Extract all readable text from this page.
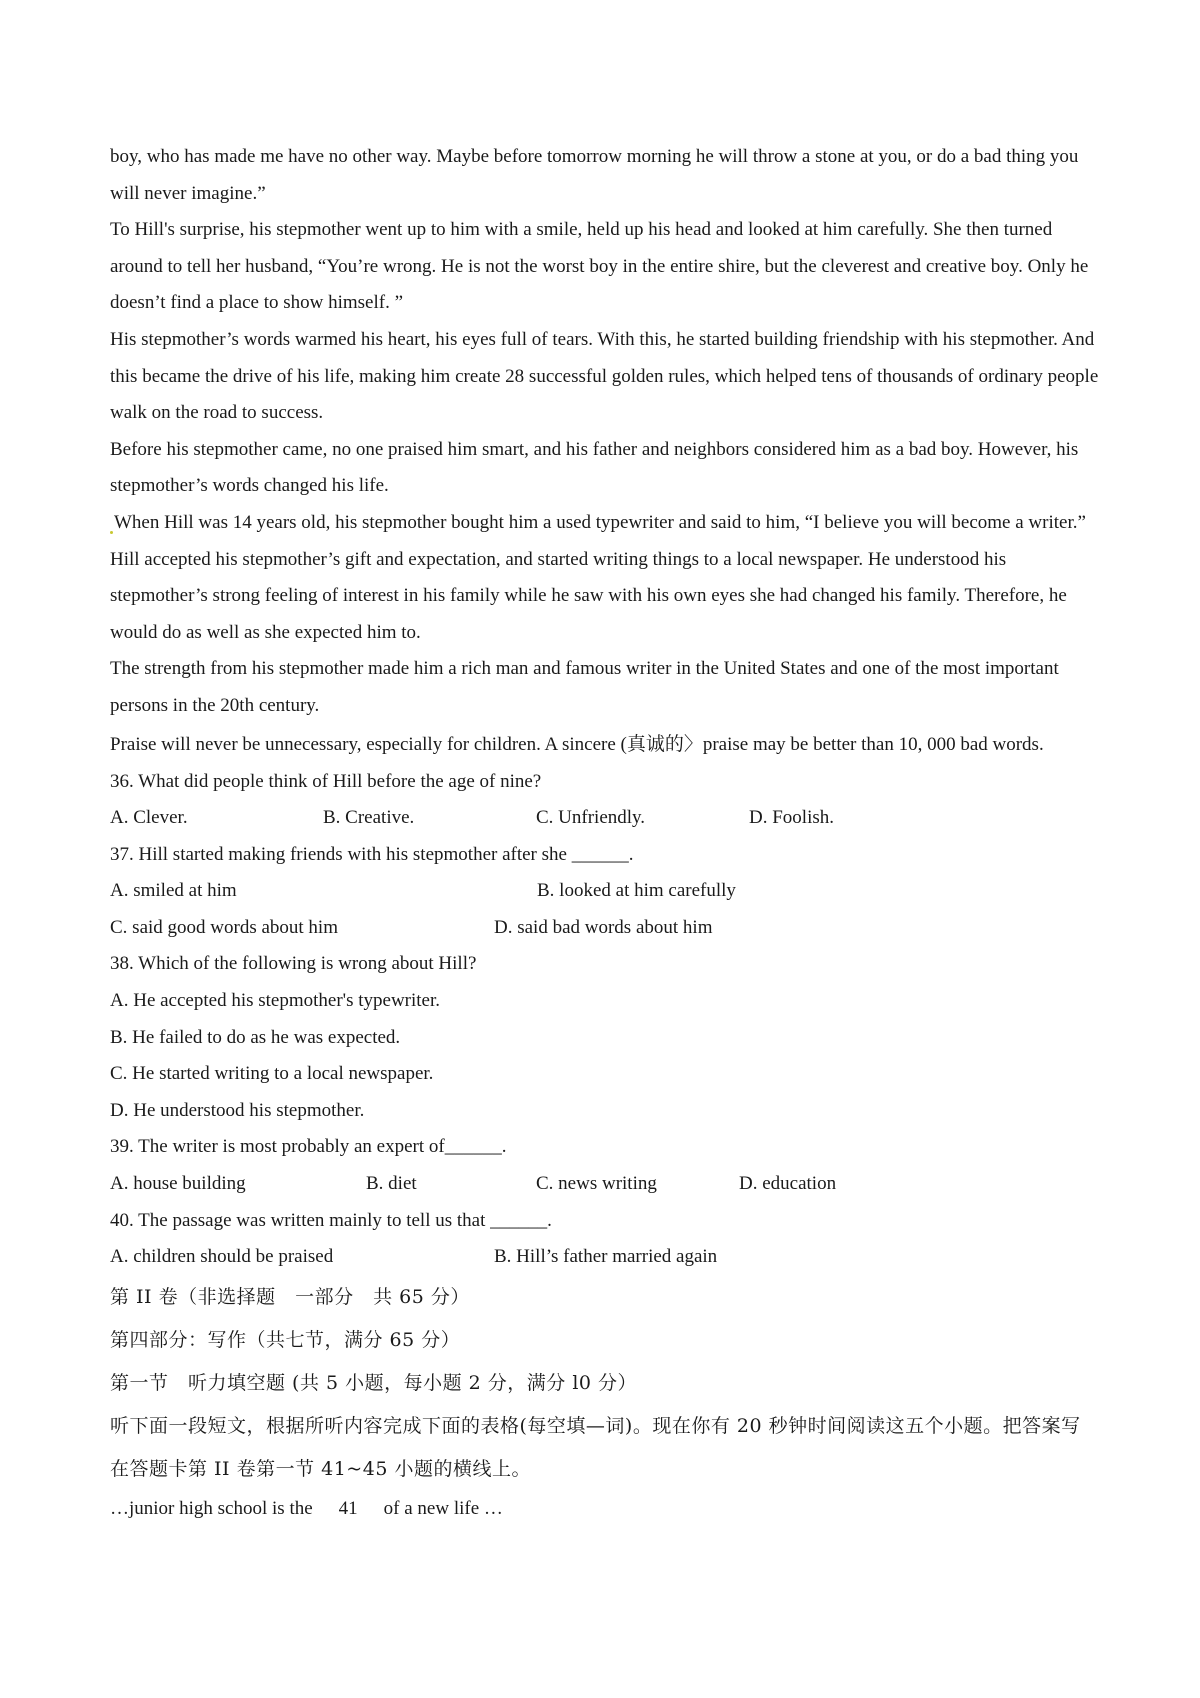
boy, who has made me have no other way. Maybe before tomorrow morning he will throw a stone at you, or do a bad thing you will never imagine.”

To Hill's surprise, his stepmother went up to him with a smile, held up his head and looked at him carefully. She then turned around to tell her husband, “You’re wrong. He is not the worst boy in the entire shire, but the cleverest and creative boy. Only he doesn’t find a place to show himself. ”

His stepmother’s words warmed his heart, his eyes full of tears. With this, he started building friendship with his stepmother. And this became the drive of his life, making him create 28 successful golden rules, which helped tens of thousands of ordinary people walk on the road to success.

Before his stepmother came, no one praised him smart, and his father and neighbors considered him as a bad boy. However, his stepmother’s words changed his life.

When Hill was 14 years old, his stepmother bought him a used typewriter and said to him, “I believe you will become a writer.” Hill accepted his stepmother’s gift and expectation, and started writing things to a local newspaper. He understood his stepmother’s strong feeling of interest in his family while he saw with his own eyes she had changed his family. Therefore, he would do as well as she expected him to.

The strength from his stepmother made him a rich man and famous writer in the United States and one of the most important persons in the 20th century.

Praise will never be unnecessary, especially for children. A sincere (真诚的〉praise may be better than 10, 000 bad words.

36. What did people think of Hill before the age of nine?

A. Clever.	B. Creative.	C. Unfriendly.	D. Foolish.

37. Hill started making friends with his stepmother after she ______.

A. smiled at him	B. looked at him carefully
C. said good words about him	D. said bad words about him

38. Which of the following is wrong about Hill?

A. He accepted his stepmother's typewriter.

B. He failed to do as he was expected.

C. He started writing to a local newspaper.

D. He understood his stepmother.

39. The writer is most probably an expert of______.

A. house building	B. diet	C. news writing	D. education

40. The passage was written mainly to tell us that ______.

A. children should be praised	B. Hill’s father married again

第 II 卷（非选择题　一部分　共 65 分）

第四部分：写作（共七节，满分 65 分）

第一节　听力填空题 (共 5 小题，每小题 2 分，满分 l0 分）

听下面一段短文，根据所听内容完成下面的表格(每空填—词)。现在你有 20 秒钟时间阅读这五个小题。把答案写在答题卡第 II 卷第一节 41~45 小题的横线上。

…junior high school is the 41 of a new life …
